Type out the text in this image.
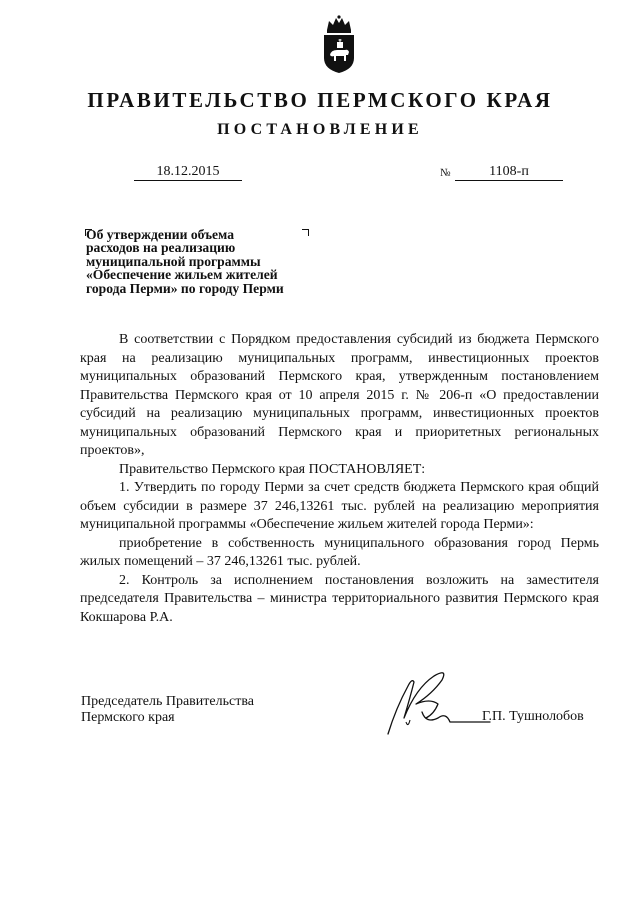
ПРАВИТЕЛЬСТВО ПЕРМСКОГО КРАЯ
ПОСТАНОВЛЕНИЕ
18.12.2015	№	1108-п
Об утверждении объема
расходов на реализацию
муниципальной программы
«Обеспечение жильем жителей
города Перми» по городу Перми

В соответствии с Порядком предоставления субсидий из бюджета Пермского края на реализацию муниципальных программ, инвестиционных проектов муниципальных образований Пермского края, утвержденным постановлением Правительства Пермского края от 10 апреля 2015 г. № 206-п «О предоставлении субсидий на реализацию муниципальных программ, инвестиционных проектов муниципальных образований Пермского края и приоритетных региональных проектов»,

Правительство Пермского края ПОСТАНОВЛЯЕТ:

1. Утвердить по городу Перми за счет средств бюджета Пермского края общий объем субсидии в размере 37 246,13261 тыс. рублей на реализацию мероприятия муниципальной программы «Обеспечение жильем жителей города Перми»:

приобретение в собственность муниципального образования город Пермь жилых помещений – 37 246,13261 тыс. рублей.

2. Контроль за исполнением постановления возложить на заместителя председателя Правительства – министра территориального развития Пермского края Кокшарова Р.А.

Председатель Правительства
Пермского края	Г.П. Тушнолобов
